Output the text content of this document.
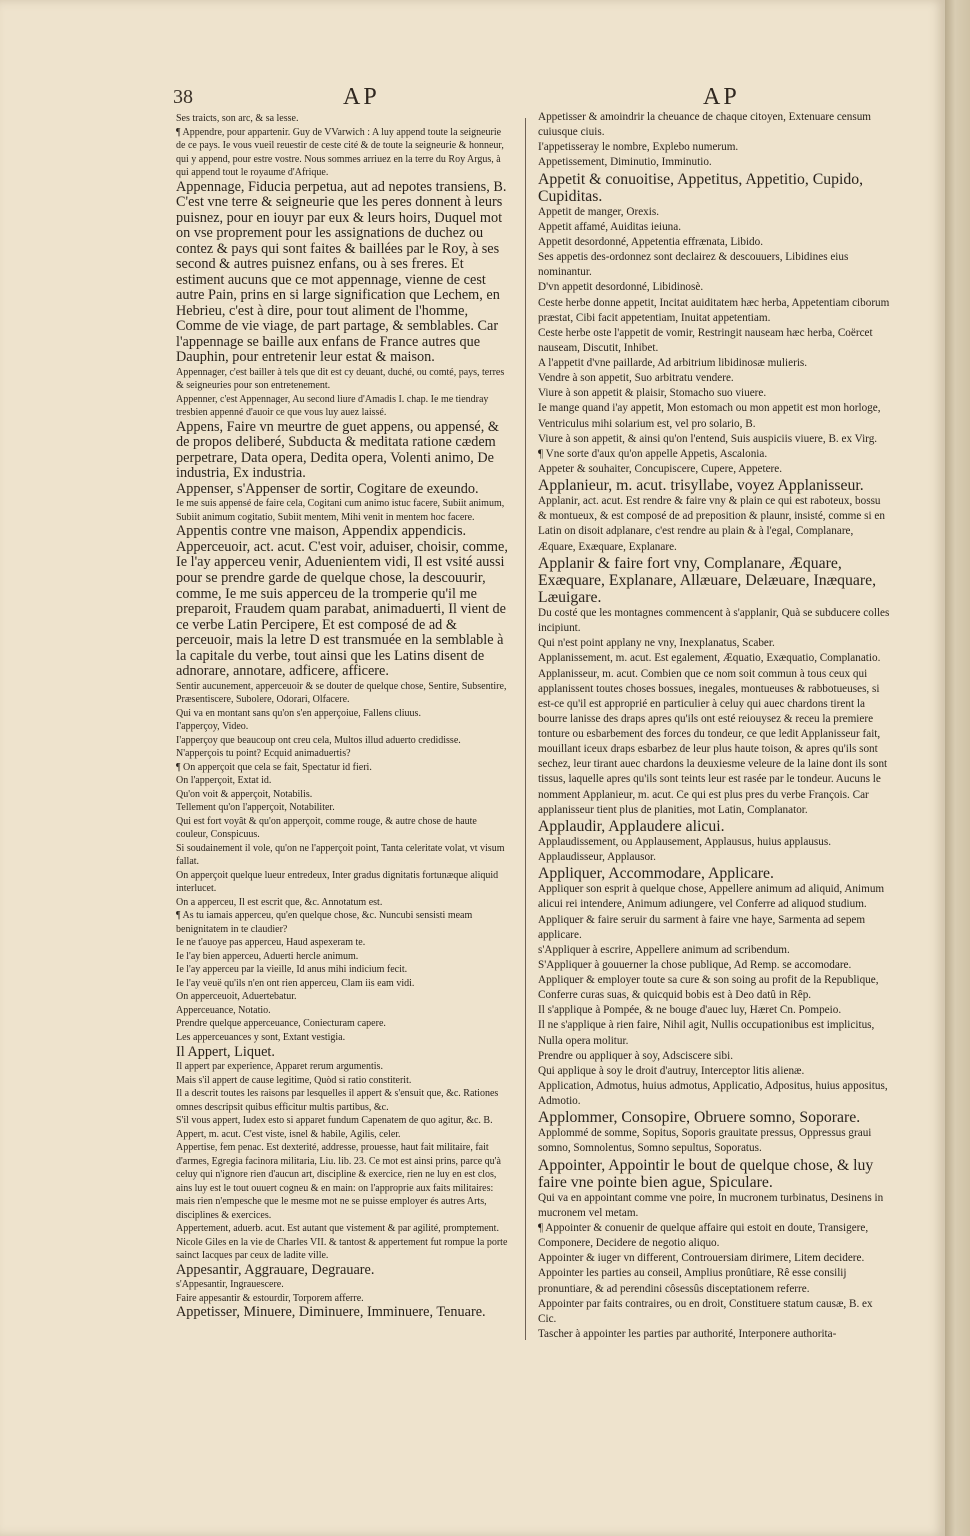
38	AP	AP

Ses traicts, son arc, & sa lesse.

¶ Appendre, pour appartenir. Guy de VVarwich : A luy append toute la seigneurie de ce pays. Ie vous vueil reuestir de ceste cité & de toute la seigneurie & honneur, qui y append, pour estre vostre. Nous sommes arriuez en la terre du Roy Argus, à qui append tout le royaume d'Afrique.

Appennage, Fiducia perpetua, aut ad nepotes transiens, B. C'est vne terre & seigneurie que les peres donnent à leurs puisnez, pour en iouyr par eux & leurs hoirs, Duquel mot on vse proprement pour les assignations de duchez ou contez & pays qui sont faites & baillées par le Roy, à ses second & autres puisnez enfans, ou à ses freres. Et estiment aucuns que ce mot appennage, vienne de cest autre Pain, prins en si large signification que Lechem, en Hebrieu, c'est à dire, pour tout aliment de l'homme, Comme de vie viage, de part partage, & semblables. Car l'appennage se baille aux enfans de France autres que Dauphin, pour entretenir leur estat & maison.

Appennager, c'est bailler à tels que dit est cy deuant, duché, ou comté, pays, terres & seigneuries pour son entretenement.

Appenner, c'est Appennager, Au second liure d'Amadis I. chap. Ie me tiendray tresbien appenné d'auoir ce que vous luy auez laissé.

Appens, Faire vn meurtre de guet appens, ou appensé, & de propos deliberé, Subducta & meditata ratione cædem perpetrare, Data opera, Dedita opera, Volenti animo, De industria, Ex industria.

Appenser, s'Appenser de sortir, Cogitare de exeundo.

Ie me suis appensé de faire cela, Cogitani cum animo istuc facere, Subiit animum, Subiit animum cogitatio, Subiit mentem, Mihi venit in mentem hoc facere.

Appentis contre vne maison, Appendix appendicis.

Apperceuoir, act. acut. C'est voir, aduiser, choisir, comme, Ie l'ay apperceu venir, Aduenientem vidi, Il est vsité aussi pour se prendre garde de quelque chose, la descouurir, comme, Ie me suis apperceu de la tromperie qu'il me preparoit, Fraudem quam parabat, animaduerti, Il vient de ce verbe Latin Percipere, Et est composé de ad & perceuoir, mais la letre D est transmuée en la semblable à la capitale du verbe, tout ainsi que les Latins disent de adnorare, annotare, adficere, afficere.

Sentir aucunement, apperceuoir & se douter de quelque chose, Sentire, Subsentire, Præsentiscere, Subolere, Odorari, Olfacere.

Qui va en montant sans qu'on s'en apperçoiue, Fallens cliuus.

I'apperçoy, Video.

I'apperçoy que beaucoup ont creu cela, Multos illud aduerto credidisse.

N'apperçois tu point? Ecquid animaduertis?

¶ On apperçoit que cela se fait, Spectatur id fieri.

On l'apperçoit, Extat id.

Qu'on voit & apperçoit, Notabilis.

Tellement qu'on l'apperçoit, Notabiliter.

Qui est fort voyât & qu'on apperçoit, comme rouge, & autre chose de haute couleur, Conspicuus.

Si soudainement il vole, qu'on ne l'apperçoit point, Tanta celeritate volat, vt visum fallat.

On apperçoit quelque lueur entredeux, Inter gradus dignitatis fortunæque aliquid interlucet.

On a apperceu, Il est escrit que, &c. Annotatum est.

¶ As tu iamais apperceu, qu'en quelque chose, &c. Nuncubi sensisti meam benignitatem in te claudier?

Ie ne t'auoye pas apperceu, Haud aspexeram te.

Ie l'ay bien apperceu, Aduerti hercle animum.

Ie l'ay apperceu par la vieille, Id anus mihi indicium fecit.

Ie l'ay veuë qu'ils n'en ont rien apperceu, Clam iis eam vidi.

On apperceuoit, Aduertebatur.

Apperceuance, Notatio.

Prendre quelque apperceuance, Coniecturam capere.

Les apperceuances y sont, Extant vestigia.

Il Appert, Liquet.

Il appert par experience, Apparet rerum argumentis.

Mais s'il appert de cause legitime, Quòd si ratio constiterit.

Il a descrit toutes les raisons par lesquelles il appert & s'ensuit que, &c. Rationes omnes descripsit quibus efficitur multis partibus, &c.

S'il vous appert, Iudex esto si apparet fundum Capenatem de quo agitur, &c. B.

Appert, m. acut. C'est viste, isnel & habile, Agilis, celer.

Appertise, fem penac. Est dexterité, addresse, prouesse, haut fait militaire, fait d'armes, Egregia facinora militaria, Liu. lib. 23. Ce mot est ainsi prins, parce qu'à celuy qui n'ignore rien d'aucun art, discipline & exercice, rien ne luy en est clos, ains luy est le tout ouuert cogneu & en main: on l'approprie aux faits militaires: mais rien n'empesche que le mesme mot ne se puisse employer és autres Arts, disciplines & exercices.

Appertement, aduerb. acut. Est autant que vistement & par agilité, promptement. Nicole Giles en la vie de Charles VII. & tantost & appertement fut rompue la porte sainct Iacques par ceux de ladite ville.

Appesantir, Aggrauare, Degrauare.

s'Appesantir, Ingrauescere.

Faire appesantir & estourdir, Torporem afferre.

Appetisser, Minuere, Diminuere, Imminuere, Tenuare.

Appetisser & amoindrir la cheuance de chaque citoyen, Extenuare censum cuiusque ciuis.

I'appetisseray le nombre, Explebo numerum.

Appetissement, Diminutio, Imminutio.

Appetit & conuoitise, Appetitus, Appetitio, Cupido, Cupiditas.

Appetit de manger, Orexis.

Appetit affamé, Auiditas ieiuna.

Appetit desordonné, Appetentia effrænata, Libido.

Ses appetis des-ordonnez sont declairez & descouuers, Libidines eius nominantur.

D'vn appetit desordonné, Libidinosè.

Ceste herbe donne appetit, Incitat auiditatem hæc herba, Appetentiam ciborum præstat, Cibi facit appetentiam, Inuitat appetentiam.

Ceste herbe oste l'appetit de vomir, Restringit nauseam hæc herba, Coërcet nauseam, Discutit, Inhibet.

A l'appetit d'vne paillarde, Ad arbitrium libidinosæ mulieris.

Vendre à son appetit, Suo arbitratu vendere.

Viure à son appetit & plaisir, Stomacho suo viuere.

Ie mange quand i'ay appetit, Mon estomach ou mon appetit est mon horloge, Ventriculus mihi solarium est, vel pro solario, B.

Viure à son appetit, & ainsi qu'on l'entend, Suis auspiciis viuere, B. ex Virg.

¶ Vne sorte d'aux qu'on appelle Appetis, Ascalonia.

Appeter & souhaiter, Concupiscere, Cupere, Appetere.

Applanieur, m. acut. trisyllabe, voyez Applanisseur.

Applanir, act. acut. Est rendre & faire vny & plain ce qui est raboteux, bossu & montueux, & est composé de ad preposition & plaunr, insisté, comme si en Latin on disoit adplanare, c'est rendre au plain & à l'egal, Complanare, Æquare, Exæquare, Explanare.

Applanir & faire fort vny, Complanare, Æquare, Exæquare, Explanare, Allæuare, Delæuare, Inæquare, Læuigare.

Du costé que les montagnes commencent à s'applanir, Quà se subducere colles incipiunt.

Qui n'est point applany ne vny, Inexplanatus, Scaber.

Applanissement, m. acut. Est egalement, Æquatio, Exæquatio, Complanatio.

Applanisseur, m. acut. Combien que ce nom soit commun à tous ceux qui applanissent toutes choses bossues, inegales, montueuses & rabbotueuses, si est-ce qu'il est approprié en particulier à celuy qui auec chardons tirent la bourre lanisse des draps apres qu'ils ont esté reiouysez & receu la premiere tonture ou esbarbement des forces du tondeur, ce que ledit Applanisseur fait, mouillant iceux draps esbarbez de leur plus haute toison, & apres qu'ils sont sechez, leur tirant auec chardons la deuxiesme veleure de la laine dont ils sont tissus, laquelle apres qu'ils sont teints leur est rasée par le tondeur. Aucuns le nomment Applanieur, m. acut. Ce qui est plus pres du verbe François. Car applanisseur tient plus de planities, mot Latin, Complanator.

Applaudir, Applaudere alicui.

Applaudissement, ou Applausement, Applausus, huius applausus.

Applaudisseur, Applausor.

Appliquer, Accommodare, Applicare.

Appliquer son esprit à quelque chose, Appellere animum ad aliquid, Animum alicui rei intendere, Animum adiungere, vel Conferre ad aliquod studium.

Appliquer & faire seruir du sarment à faire vne haye, Sarmenta ad sepem applicare.

s'Appliquer à escrire, Appellere animum ad scribendum.

S'Appliquer à gouuerner la chose publique, Ad Remp. se accomodare.

Appliquer & employer toute sa cure & son soing au profit de la Republique, Conferre curas suas, & quicquid bobis est à Deo datû in Rêp.

Il s'applique à Pompée, & ne bouge d'auec luy, Hæret Cn. Pompeio.

Il ne s'applique à rien faire, Nihil agit, Nullis occupationibus est implicitus, Nulla opera molitur.

Prendre ou appliquer à soy, Adsciscere sibi.

Qui applique à soy le droit d'autruy, Interceptor litis alienæ.

Application, Admotus, huius admotus, Applicatio, Adpositus, huius appositus, Admotio.

Applommer, Consopire, Obruere somno, Soporare.

Applommé de somme, Sopitus, Soporis grauitate pressus, Oppressus graui somno, Somnolentus, Somno sepultus, Soporatus.

Appointer, Appointir le bout de quelque chose, & luy faire vne pointe bien ague, Spiculare.

Qui va en appointant comme vne poire, In mucronem turbinatus, Desinens in mucronem vel metam.

¶ Appointer & conuenir de quelque affaire qui estoit en doute, Transigere, Componere, Decidere de negotio aliquo.

Appointer & iuger vn different, Controuersiam dirimere, Litem decidere.

Appointer les parties au conseil, Amplius pronûtiare, Rê esse consilij pronuntiare, & ad perendini côsessûs disceptationem referre.

Appointer par faits contraires, ou en droit, Constituere statum causæ, B. ex Cic.

Tascher à appointer les parties par authorité, Interponere authorita-
